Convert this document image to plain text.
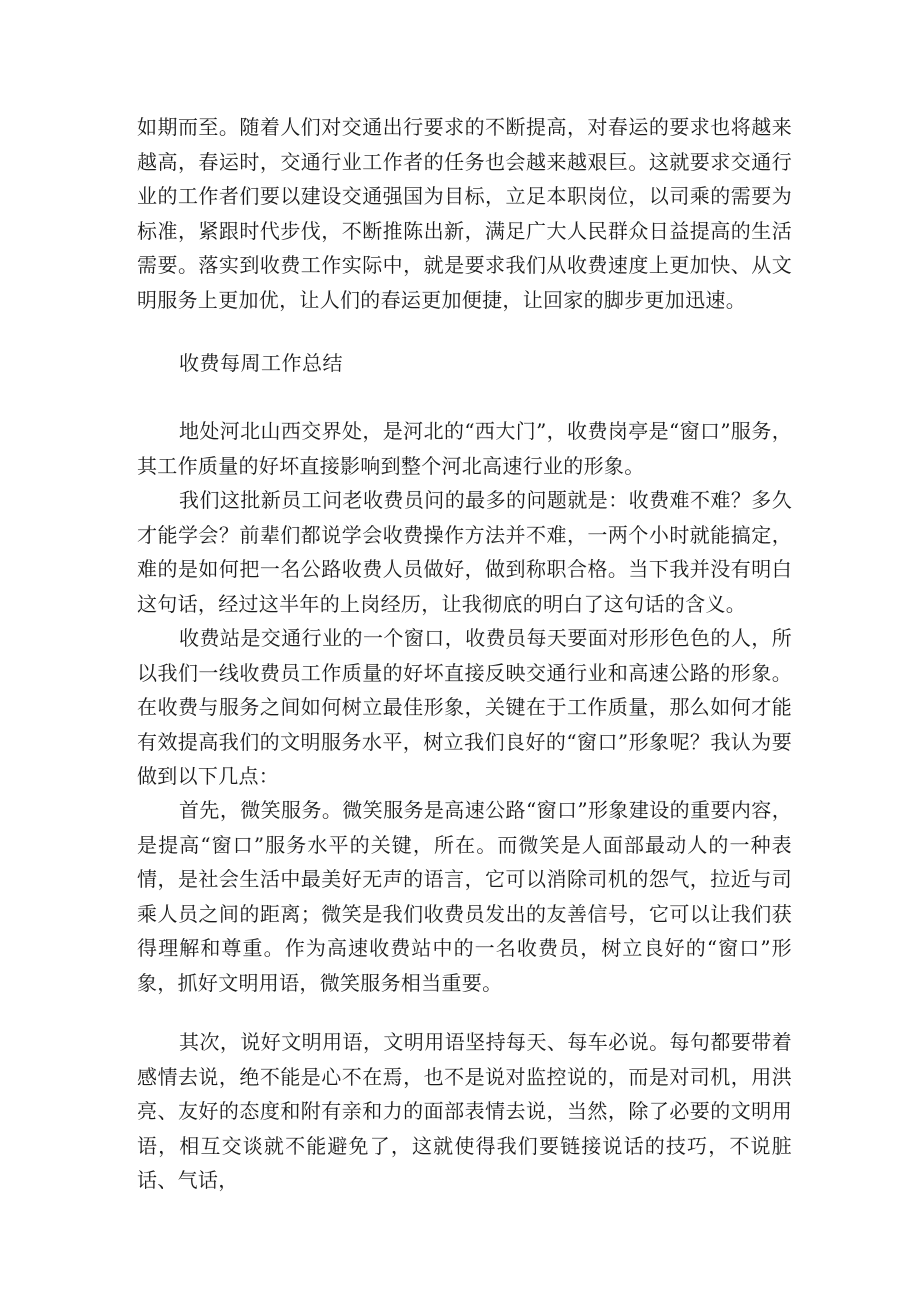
如期而至。随着人们对交通出行要求的不断提高，对春运的要求也将越来越高，春运时，交通行业工作者的任务也会越来越艰巨。这就要求交通行业的工作者们要以建设交通强国为目标，立足本职岗位，以司乘的需要为标准，紧跟时代步伐，不断推陈出新，满足广大人民群众日益提高的生活需要。落实到收费工作实际中，就是要求我们从收费速度上更加快、从文明服务上更加优，让人们的春运更加便捷，让回家的脚步更加迅速。

收费每周工作总结

地处河北山西交界处，是河北的“西大门”，收费岗亭是“窗口”服务，其工作质量的好坏直接影响到整个河北高速行业的形象。

我们这批新员工问老收费员问的最多的问题就是：收费难不难？多久才能学会？前辈们都说学会收费操作方法并不难，一两个小时就能搞定，难的是如何把一名公路收费人员做好，做到称职合格。当下我并没有明白这句话，经过这半年的上岗经历，让我彻底的明白了这句话的含义。

收费站是交通行业的一个窗口，收费员每天要面对形形色色的人，所以我们一线收费员工作质量的好坏直接反映交通行业和高速公路的形象。在收费与服务之间如何树立最佳形象，关键在于工作质量，那么如何才能有效提高我们的文明服务水平，树立我们良好的“窗口”形象呢？我认为要做到以下几点：

首先，微笑服务。微笑服务是高速公路“窗口”形象建设的重要内容，是提高“窗口”服务水平的关键，所在。而微笑是人面部最动人的一种表情，是社会生活中最美好无声的语言，它可以消除司机的怨气，拉近与司乘人员之间的距离；微笑是我们收费员发出的友善信号，它可以让我们获得理解和尊重。作为高速收费站中的一名收费员，树立良好的“窗口”形象，抓好文明用语，微笑服务相当重要。

其次，说好文明用语，文明用语坚持每天、每车必说。每句都要带着感情去说，绝不能是心不在焉，也不是说对监控说的，而是对司机，用洪亮、友好的态度和附有亲和力的面部表情去说，当然，除了必要的文明用语，相互交谈就不能避免了，这就使得我们要链接说话的技巧，不说脏话、气话，
